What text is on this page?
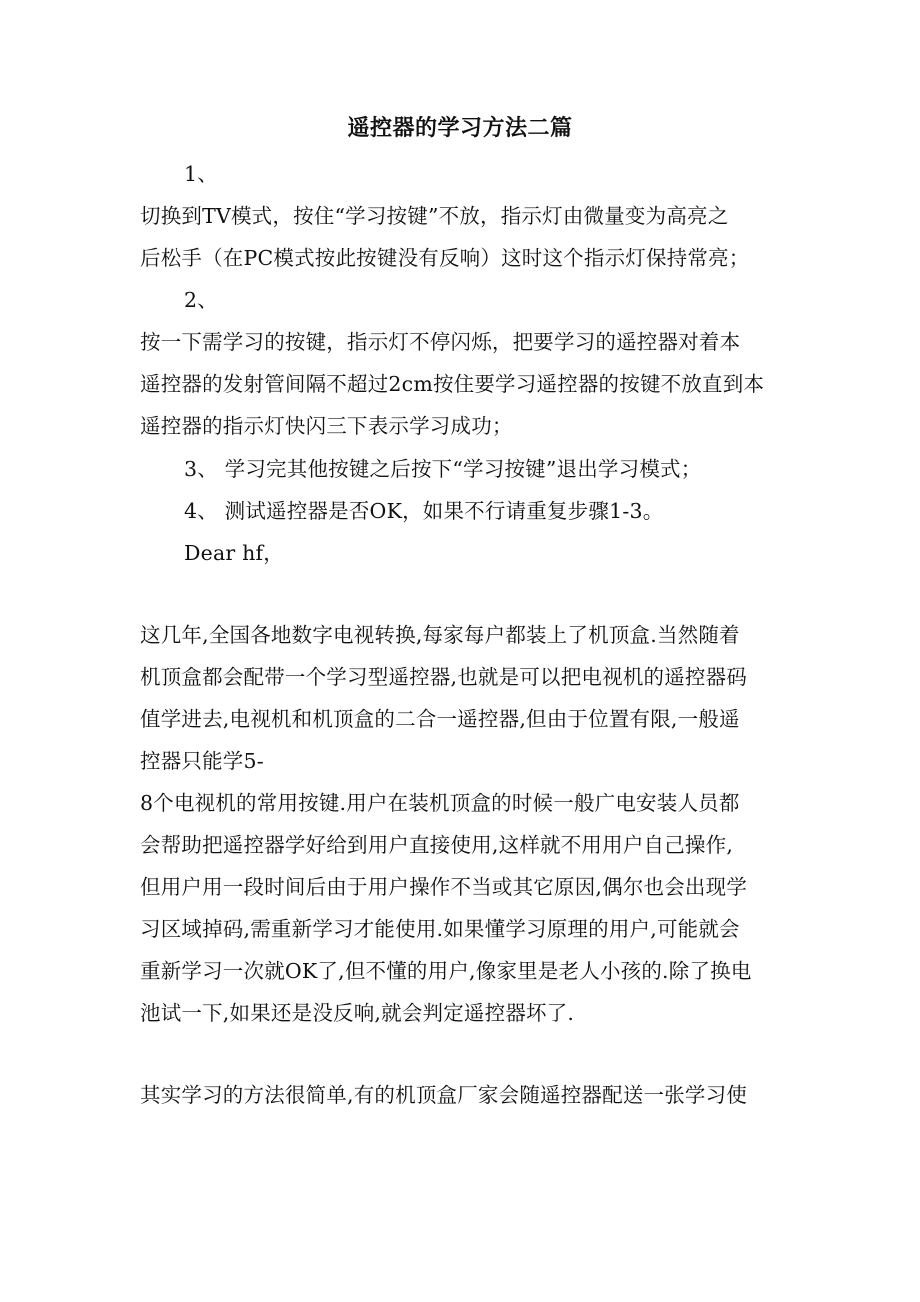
遥控器的学习方法二篇
1、
切换到TV模式，按住“学习按键”不放，指示灯由微量变为高亮之
后松手（在PC模式按此按键没有反响）这时这个指示灯保持常亮；
2、
按一下需学习的按键，指示灯不停闪烁，把要学习的遥控器对着本
遥控器的发射管间隔不超过2cm按住要学习遥控器的按键不放直到本
遥控器的指示灯快闪三下表示学习成功；
3、 学习完其他按键之后按下“学习按键”退出学习模式；
4、 测试遥控器是否OK，如果不行请重复步骤1-3。
Dear hf，
这几年,全国各地数字电视转换,每家每户都装上了机顶盒.当然随着
机顶盒都会配带一个学习型遥控器,也就是可以把电视机的遥控器码
值学进去,电视机和机顶盒的二合一遥控器,但由于位置有限,一般遥
控器只能学5-
8个电视机的常用按键.用户在装机顶盒的时候一般广电安装人员都
会帮助把遥控器学好给到用户直接使用,这样就不用用户自己操作,
但用户用一段时间后由于用户操作不当或其它原因,偶尔也会出现学
习区域掉码,需重新学习才能使用.如果懂学习原理的用户,可能就会
重新学习一次就OK了,但不懂的用户,像家里是老人小孩的.除了换电
池试一下,如果还是没反响,就会判定遥控器坏了.
其实学习的方法很简单,有的机顶盒厂家会随遥控器配送一张学习使
